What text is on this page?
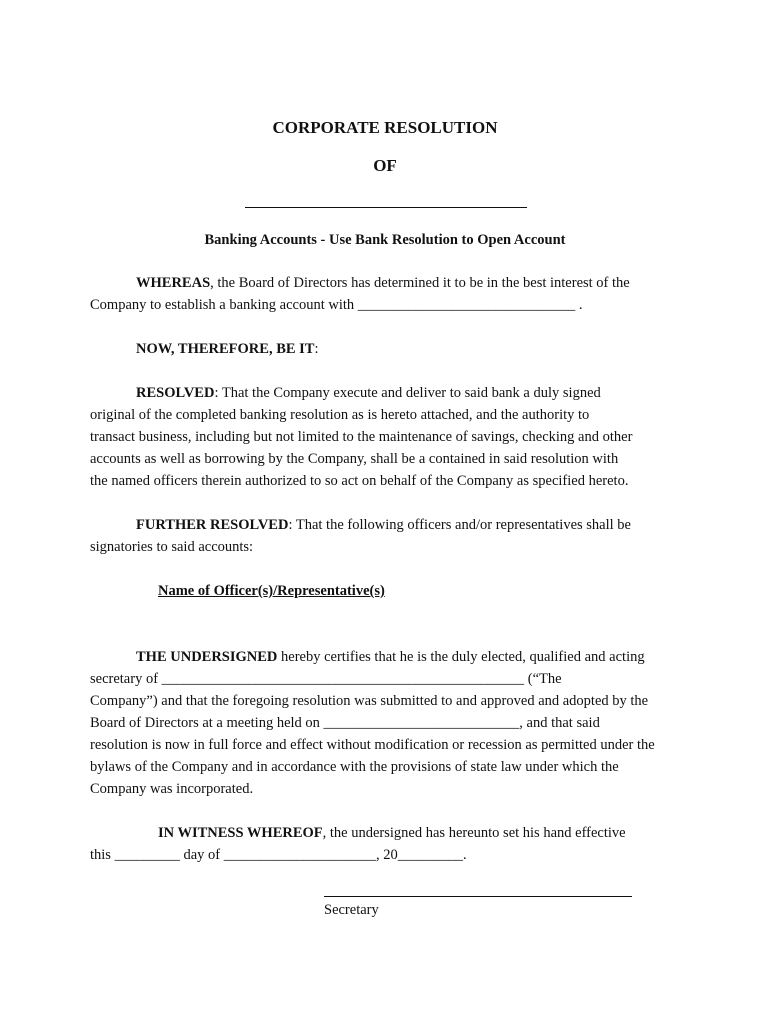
CORPORATE RESOLUTION
OF
Banking Accounts - Use Bank Resolution to Open Account
WHEREAS, the Board of Directors has determined it to be in the best interest of the
Company to establish a banking account with ______________________________ .
NOW, THEREFORE, BE IT:
RESOLVED: That the Company execute and deliver to said bank a duly signed
original of the completed banking resolution as is hereto attached, and the authority to
transact business, including but not limited to the maintenance of savings, checking and other
accounts as well as borrowing by the Company, shall be a contained in said resolution with
the named officers therein authorized to so act on behalf of the Company as specified hereto.
FURTHER RESOLVED: That the following officers and/or representatives shall be
signatories to said accounts:
Name of Officer(s)/Representative(s)
THE UNDERSIGNED hereby certifies that he is the duly elected, qualified and acting
secretary of __________________________________________________ (“The
Company”) and that the foregoing resolution was submitted to and approved and adopted by the
Board of Directors at a meeting held on ___________________________, and that said
resolution is now in full force and effect without modification or recession as permitted under the
bylaws of the Company and in accordance with the provisions of state law under which the
Company was incorporated.
IN WITNESS WHEREOF, the undersigned has hereunto set his hand effective
this _________ day of _____________________, 20_________.
Secretary
